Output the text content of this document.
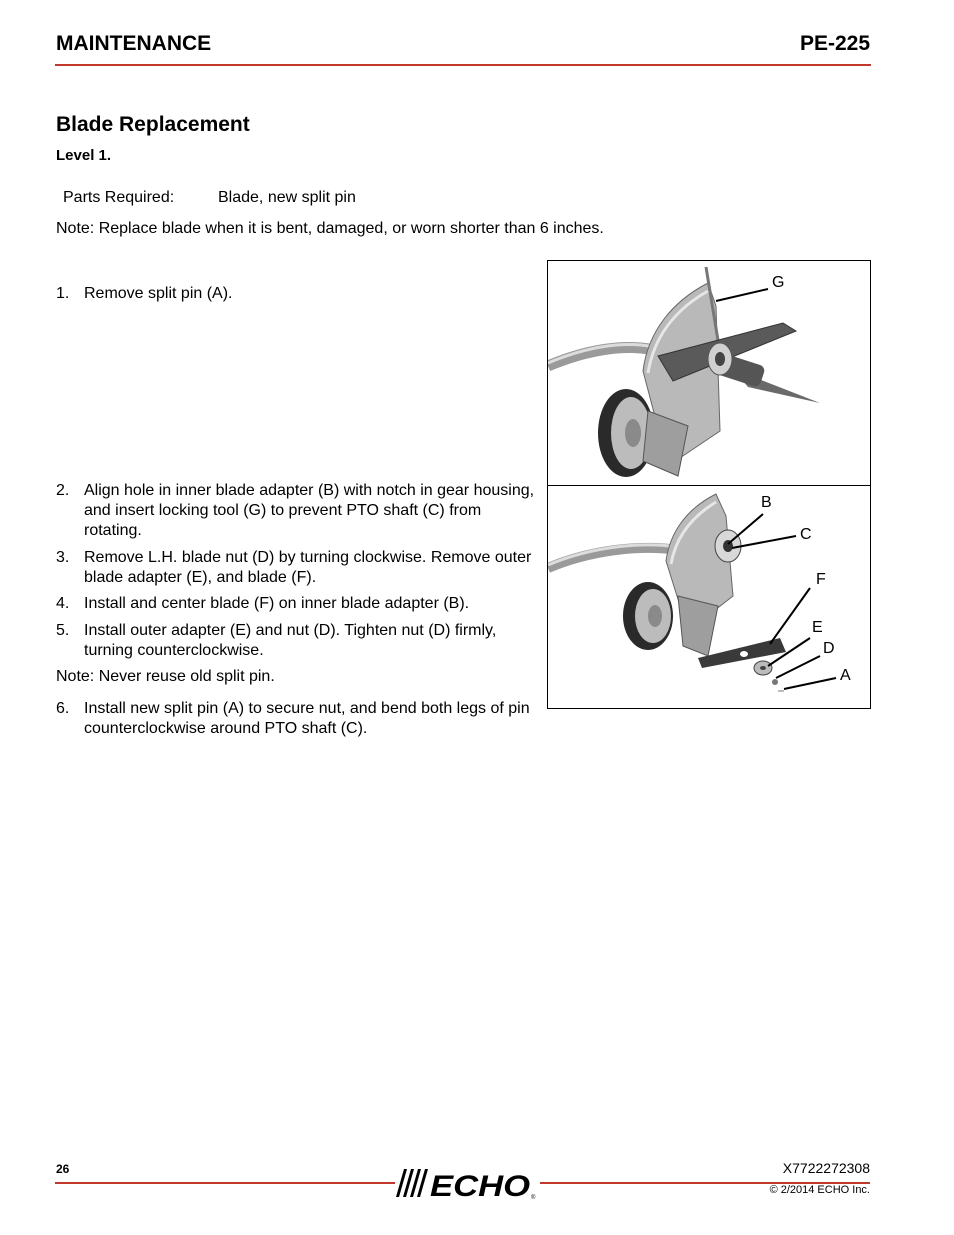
MAINTENANCE	PE-225
Blade Replacement
Level 1.
Parts Required:	Blade, new split pin
Note: Replace blade when it is bent, damaged, or worn shorter than 6 inches.
1. Remove split pin (A).
2. Align hole in inner blade adapter (B) with notch in gear housing, and insert locking tool (G) to prevent PTO shaft (C) from rotating.
3. Remove L.H. blade nut (D) by turning clockwise. Remove outer blade adapter (E), and blade (F).
4. Install and center blade (F) on inner blade adapter (B).
5. Install outer adapter (E) and nut (D). Tighten nut (D) firmly, turning counterclockwise.
Note: Never reuse old split pin.
6. Install new split pin (A) to secure nut, and bend both legs of pin counterclockwise around PTO shaft (C).
G
B
C
F
E
D
A
26	X7722272308
© 2/2014 ECHO Inc.
ECHO ®
